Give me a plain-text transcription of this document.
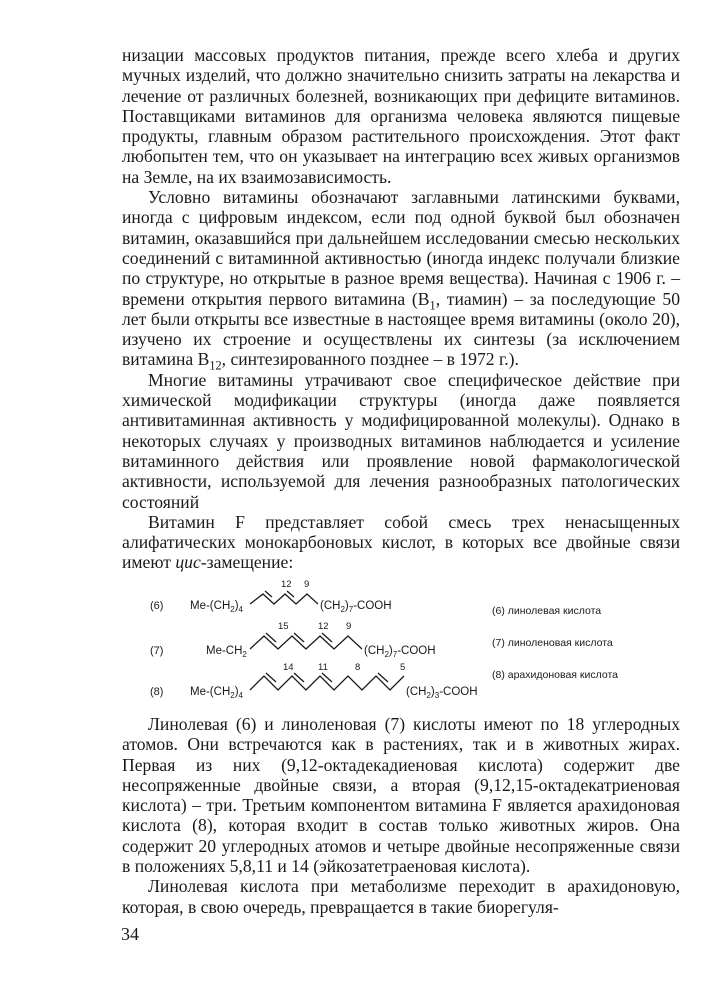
низации массовых продуктов питания, прежде всего хлеба и других мучных изделий, что должно значительно снизить затраты на лекарства и лечение от различных болезней, возникающих при дефиците витаминов. Поставщиками витаминов для организма человека являются пищевые продукты, главным образом растительного происхождения. Этот факт любопытен тем, что он указывает на интеграцию всех живых организмов на Земле, на их взаимозависимость.

Условно витамины обозначают заглавными латинскими буквами, иногда с цифровым индексом, если под одной буквой был обозначен витамин, оказавшийся при дальнейшем исследовании смесью нескольких соединений с витаминной активностью (иногда индекс получали близкие по структуре, но открытые в разное время вещества). Начиная с 1906 г. – времени открытия первого витамина ($B_1$, тиамин) – за последующие 50 лет были открыты все известные в настоящее время витамины (около 20), изучено их строение и осуществлены их синтезы (за исключением витамина $B_{12}$, синтезированного позднее – в 1972 г.).

Многие витамины утрачивают свое специфическое действие при химической модификации структуры (иногда даже появляется антивитаминная активность у модифицированной молекулы). Однако в некоторых случаях у производных витаминов наблюдается и усиление витаминного действия или проявление новой фармакологической активности, используемой для лечения разнообразных патологических состояний

Витамин F представляет собой смесь трех ненасыщенных алифатических монокарбоновых кислот, в которых все двойные связи имеют цис-замещение:

(6)
(7)
(8)
$Me-(CH_2)_4$
$Me-CH_2$
$Me-(CH_2)_4$
$(CH_2)_7$-COOH
$(CH_2)_7$-COOH
$(CH_2)_3$-COOH
12 9
15	12 9
14	11	8	5
(6) линолевая кислота
(7) линоленовая кислота
(8) арахидоновая кислота

Линолевая (6) и линоленовая (7) кислоты имеют по 18 углеродных атомов. Они встречаются как в растениях, так и в животных жирах. Первая из них (9,12-октадекадиеновая кислота) содержит две несопряженные двойные связи, а вторая (9,12,15-октадекатриеновая кислота) – три. Третьим компонентом витамина F является арахидоновая кислота (8), которая входит в состав только животных жиров. Она содержит 20 углеродных атомов и четыре двойные несопряженные связи в положениях 5,8,11 и 14 (эйкозатетраеновая кислота).

Линолевая кислота при метаболизме переходит в арахидоновую, которая, в свою очередь, превращается в такие биорегуля-

34
